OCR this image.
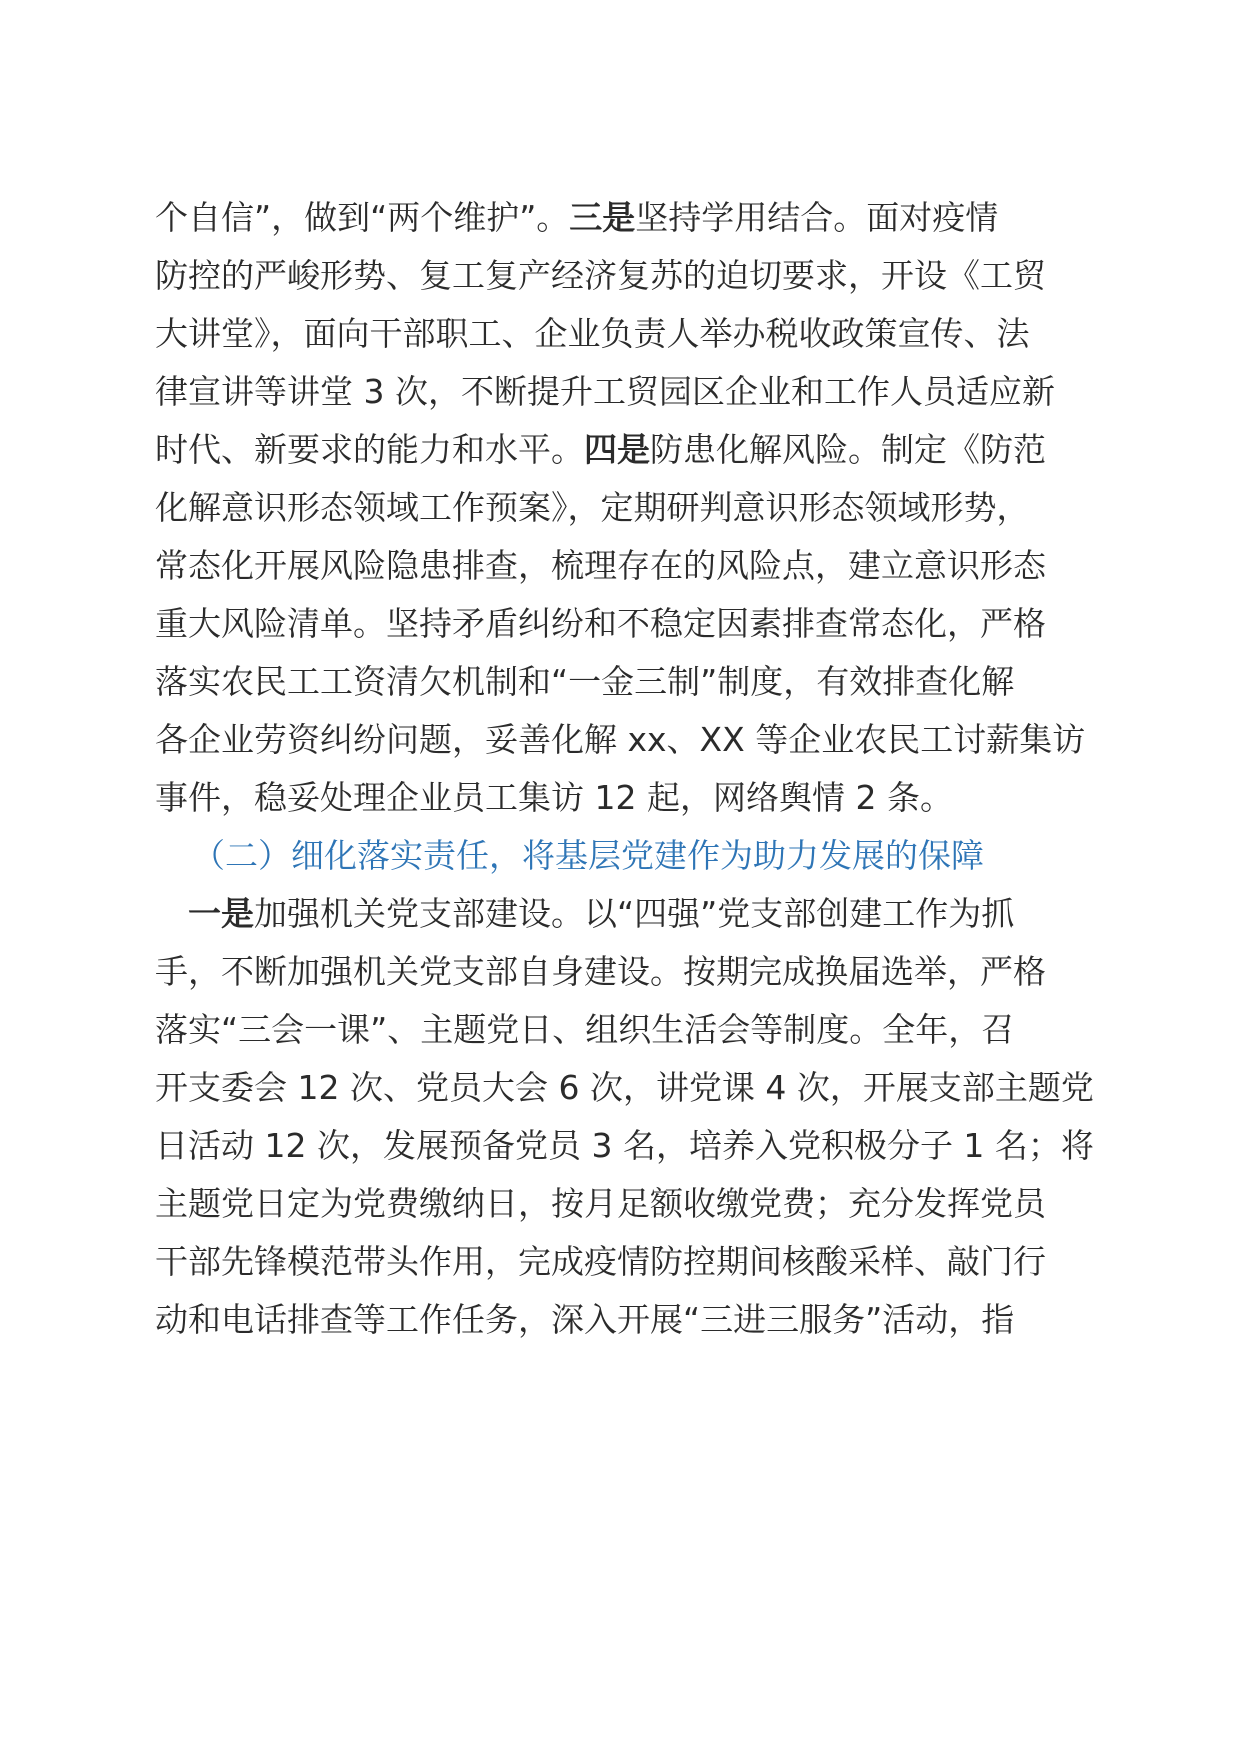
个自信”，做到“两个维护”。三是坚持学用结合。面对疫情

防控的严峻形势、复工复产经济复苏的迫切要求，开设《工贸

大讲堂》，面向干部职工、企业负责人举办税收政策宣传、法

律宣讲等讲堂 3 次，不断提升工贸园区企业和工作人员适应新

时代、新要求的能力和水平。四是防患化解风险。制定《防范

化解意识形态领域工作预案》，定期研判意识形态领域形势，

常态化开展风险隐患排查，梳理存在的风险点，建立意识形态

重大风险清单。坚持矛盾纠纷和不稳定因素排查常态化，严格

落实农民工工资清欠机制和“一金三制”制度，有效排查化解

各企业劳资纠纷问题，妥善化解 xx、XX 等企业农民工讨薪集访

事件，稳妥处理企业员工集访 12 起，网络舆情 2 条。

（二）细化落实责任，将基层党建作为助力发展的保障

一是加强机关党支部建设。以“四强”党支部创建工作为抓

手，不断加强机关党支部自身建设。按期完成换届选举，严格

落实“三会一课”、主题党日、组织生活会等制度。全年，召

开支委会 12 次、党员大会 6 次，讲党课 4 次，开展支部主题党

日活动 12 次，发展预备党员 3 名，培养入党积极分子 1 名；将

主题党日定为党费缴纳日，按月足额收缴党费；充分发挥党员

干部先锋模范带头作用，完成疫情防控期间核酸采样、敲门行

动和电话排查等工作任务，深入开展“三进三服务”活动，指
